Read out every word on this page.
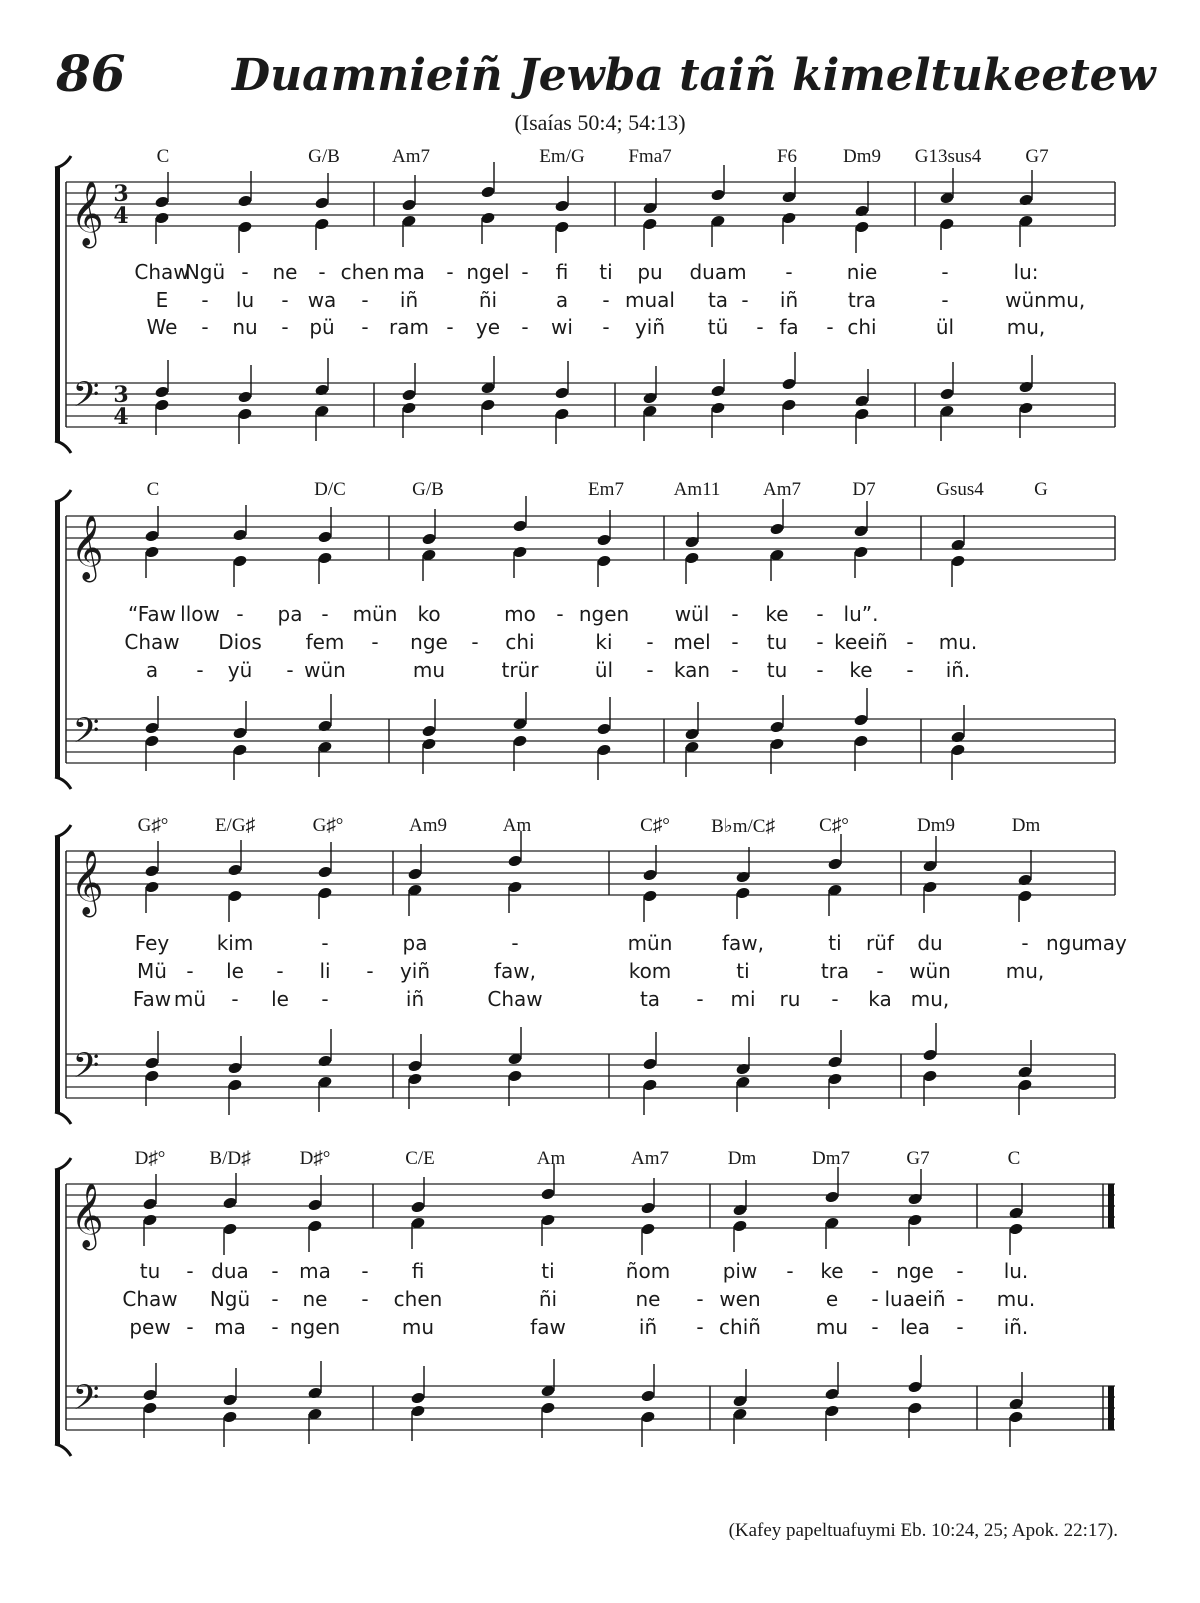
86 Duamnieiñ Jewba taiñ kimeltukeetew
(Isaías 50:4; 54:13)
𝄞
𝄢
3
4
3
4
𝄞
𝄢
𝄞
𝄢
𝄞
𝄢
C	G/B	Am7	Em/G Fma7	F6 Dm9 G13sus4 G7
Chaw
Ngü - ne - chen ma - ngel - fi ti pu duam -	nie	-	lu:
E - lu - wa - iñ	ñi	a - mual ta - iñ tra	-	wün mu,
We - nu - pü - ram - ye - wi - yiñ tü - fa - chi	ül	mu,
C	D/C	G/B	Em7	Am11 Am7	D7	Gsus4	G
“Faw llow - pa - mün ko	mo - ngen wül - ke - lu”.
Chaw Dios fem - nge - chi	ki - mel - tu - keeiñ - mu.
a - yü - wün	mu	trür	ül - kan - tu - ke - iñ.
G♯° E/G♯	G♯°	Am9	Am	C♯° B♭m/C♯ C♯°	Dm9	Dm
Fey kim	-	pa	-	mün faw,	ti rüf du	- ngu may
Mü - le - li - yiñ	faw,	kom	ti	tra - wün	mu,
Faw mü - le -	iñ	Chaw	ta - mi ru - ka mu,
D♯° B/D♯	D♯°	C/E	Am	Am7	Dm	Dm7	G7	C
tu - dua - ma - fi	ti	ñom	piw - ke - nge - lu.
Chaw Ngü - ne - chen	ñi	ne - wen	e - luaeiñ - mu.
pew - ma - ngen	mu	faw	iñ - chiñ	mu - lea - iñ.
(Kafey papeltuafuymi Eb. 10:24, 25; Apok. 22:17).
